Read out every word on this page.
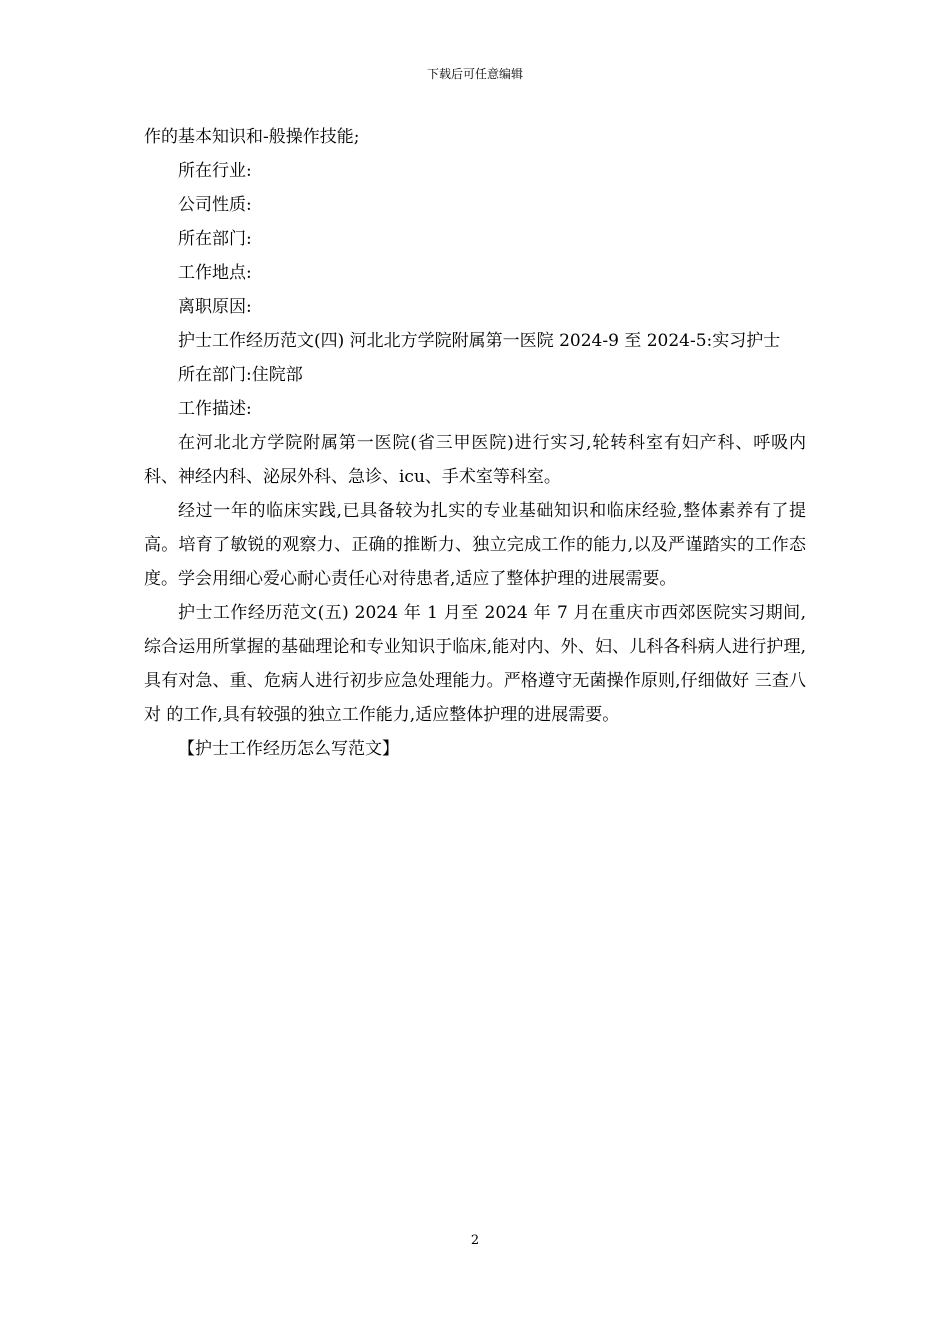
下载后可任意编辑

作的基本知识和-般操作技能;

所在行业:

公司性质:

所在部门:

工作地点:

离职原因:

护士工作经历范文(四) 河北北方学院附属第一医院 2024-9 至 2024-5:实习护士

所在部门:住院部

工作描述:

在河北北方学院附属第一医院(省三甲医院)进行实习,轮转科室有妇产科、呼吸内科、神经内科、泌尿外科、急诊、icu、手术室等科室。

经过一年的临床实践,已具备较为扎实的专业基础知识和临床经验,整体素养有了提高。培育了敏锐的观察力、正确的推断力、独立完成工作的能力,以及严谨踏实的工作态度。学会用细心爱心耐心责任心对待患者,适应了整体护理的进展需要。

护士工作经历范文(五) 2024 年 1 月至 2024 年 7 月在重庆市西郊医院实习期间,综合运用所掌握的基础理论和专业知识于临床,能对内、外、妇、儿科各科病人进行护理,具有对急、重、危病人进行初步应急处理能力。严格遵守无菌操作原则,仔细做好 三查八对 的工作,具有较强的独立工作能力,适应整体护理的进展需要。

【护士工作经历怎么写范文】

2
